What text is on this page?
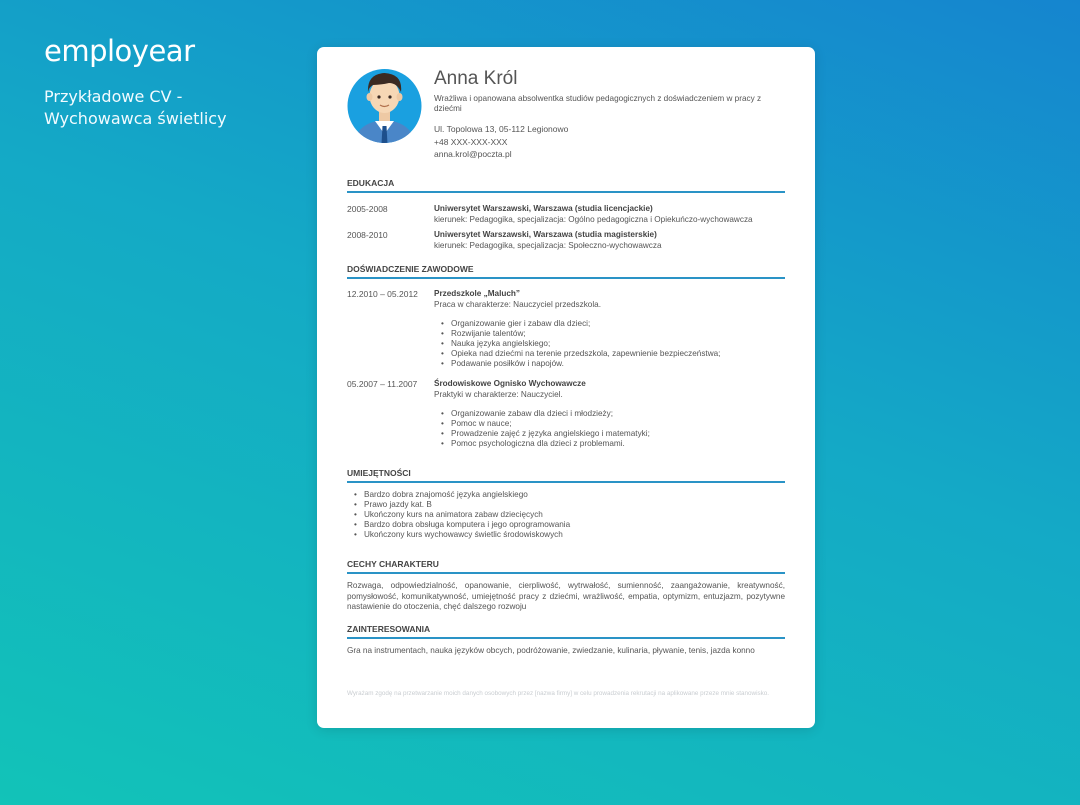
employear
Przykładowe CV - Wychowawca świetlicy
Anna Król
Wrażliwa i opanowana absolwentka studiów pedagogicznych z doświadczeniem w pracy z dziećmi
Ul. Topolowa 13, 05-112 Legionowo
+48 XXX-XXX-XXX
anna.krol@poczta.pl
EDUKACJA
2005-2008	Uniwersytet Warszawski, Warszawa (studia licencjackie)
kierunek: Pedagogika, specjalizacja: Ogólno pedagogiczna i Opiekuńczo-wychowawcza
2008-2010	Uniwersytet Warszawski, Warszawa (studia magisterskie)
kierunek: Pedagogika, specjalizacja: Społeczno-wychowawcza
DOŚWIADCZENIE ZAWODOWE
12.2010 – 05.2012 Przedszkole „Maluch”
Praca w charakterze: Nauczyciel przedszkola.
• Organizowanie gier i zabaw dla dzieci;
• Rozwijanie talentów;
• Nauka języka angielskiego;
• Opieka nad dziećmi na terenie przedszkola, zapewnienie bezpieczeństwa;
• Podawanie posiłków i napojów.
05.2007 – 11.2007 Środowiskowe Ognisko Wychowawcze
Praktyki w charakterze: Nauczyciel.
• Organizowanie zabaw dla dzieci i młodzieży;
• Pomoc w nauce;
• Prowadzenie zajęć z języka angielskiego i matematyki;
• Pomoc psychologiczna dla dzieci z problemami.
UMIEJĘTNOŚCI
• Bardzo dobra znajomość języka angielskiego
• Prawo jazdy kat. B
• Ukończony kurs na animatora zabaw dziecięcych
• Bardzo dobra obsługa komputera i jego oprogramowania
• Ukończony kurs wychowawcy świetlic środowiskowych
CECHY CHARAKTERU
Rozwaga, odpowiedzialność, opanowanie, cierpliwość, wytrwałość, sumienność, zaangażowanie, kreatywność, pomysłowość, komunikatywność, umiejętność pracy z dziećmi, wrażliwość, empatia, optymizm, entuzjazm, pozytywne nastawienie do otoczenia, chęć dalszego rozwoju
ZAINTERESOWANIA
Gra na instrumentach, nauka języków obcych, podróżowanie, zwiedzanie, kulinaria, pływanie, tenis, jazda konno
Wyrażam zgodę na przetwarzanie moich danych osobowych przez [nazwa firmy] w celu prowadzenia rekrutacji na aplikowane przeze mnie stanowisko.
